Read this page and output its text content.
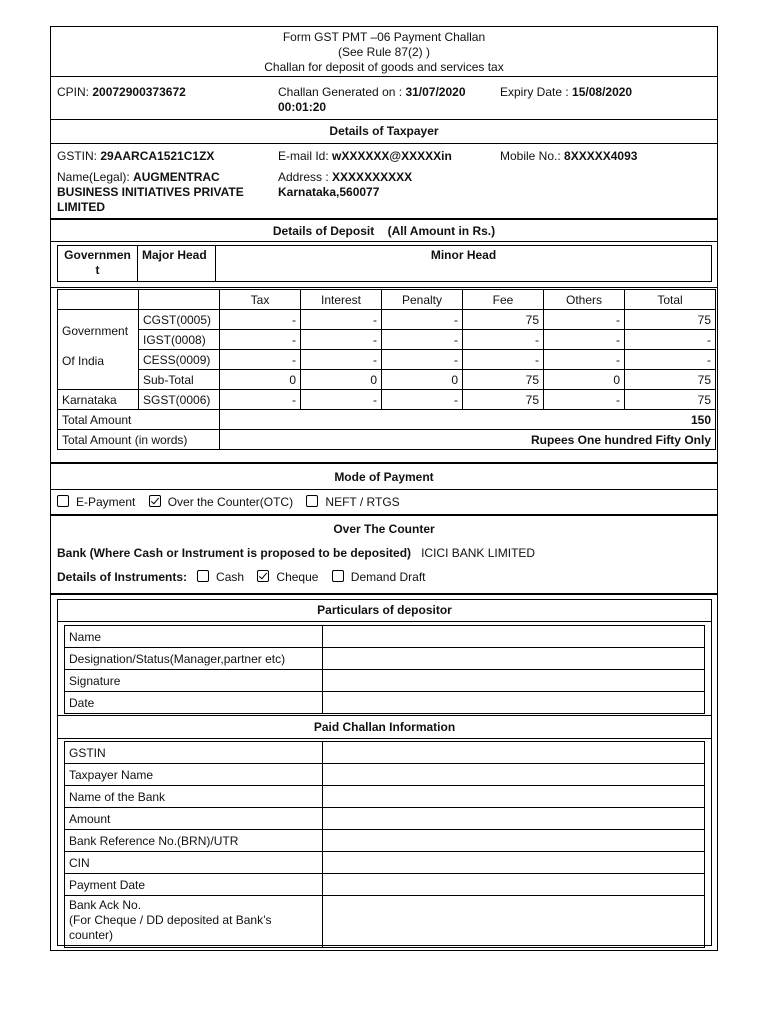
Form GST PMT –06 Payment Challan
(See Rule 87(2) )
Challan for deposit of goods and services tax
CPIN: 20072900373672	Challan Generated on : 31/07/2020
00:01:20
Expiry Date : 15/08/2020
Details of Taxpayer
GSTIN: 29AARCA1521C1ZX	E-mail Id: wXXXXXX@XXXXXin	Mobile No.: 8XXXXX4093
Name(Legal): AUGMENTRAC
BUSINESS INITIATIVES PRIVATE
LIMITED
Address : XXXXXXXXXX
Karnataka,560077
Details of Deposit (All Amount in Rs.)
Governmen
t	Major Head	Minor Head
		Tax	Interest	Penalty	Fee	Others	Total
Government
Of India	CGST(0005)	-	-	-	75	-	75
	IGST(0008)	-	-	-	-	-	-
	CESS(0009)	-	-	-	-	-	-
	Sub-Total	0	0	0	75	0	75
Karnataka	SGST(0006)	-	-	-	75	-	75
Total Amount		150					
Total Amount (in words)		Rupees One hundred Fifty Only					
Mode of Payment
E-Payment	Over the Counter(OTC)	NEFT / RTGS
Over The Counter
Bank (Where Cash or Instrument is proposed to be deposited) ICICI BANK LIMITED
Details of Instruments: Cash	Cheque	Demand Draft
Particulars of depositor
Name	
Designation/Status(Manager,partner etc)	
Signature	
Date	
Paid Challan Information
GSTIN	
Taxpayer Name	
Name of the Bank	
Amount	
Bank Reference No.(BRN)/UTR	
CIN	
Payment Date	
Bank Ack No.
(For Cheque / DD deposited at Bank’s
counter)	
